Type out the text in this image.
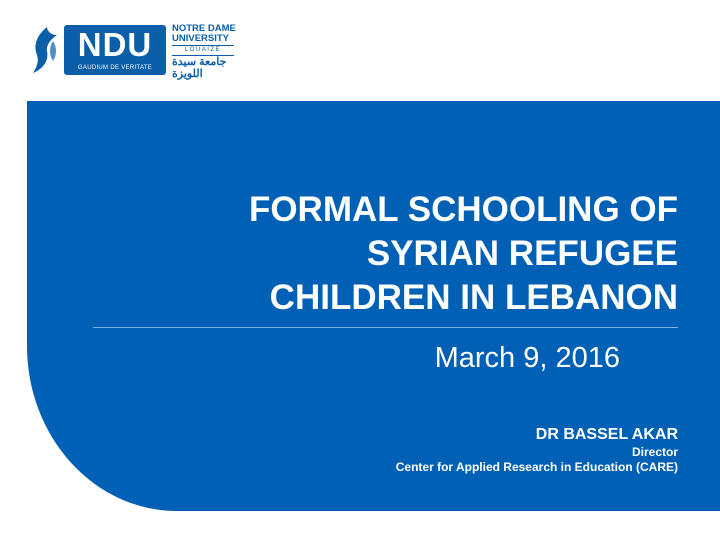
NDU
GAUDIUM DE VERITATE
NOTRE DAME
UNIVERSITY
LOUAIZE
جامعة سيدة
اللويزة
FORMAL SCHOOLING OF
SYRIAN REFUGEE
CHILDREN IN LEBANON
March 9, 2016
DR BASSEL AKAR
Director
Center for Applied Research in Education (CARE)
